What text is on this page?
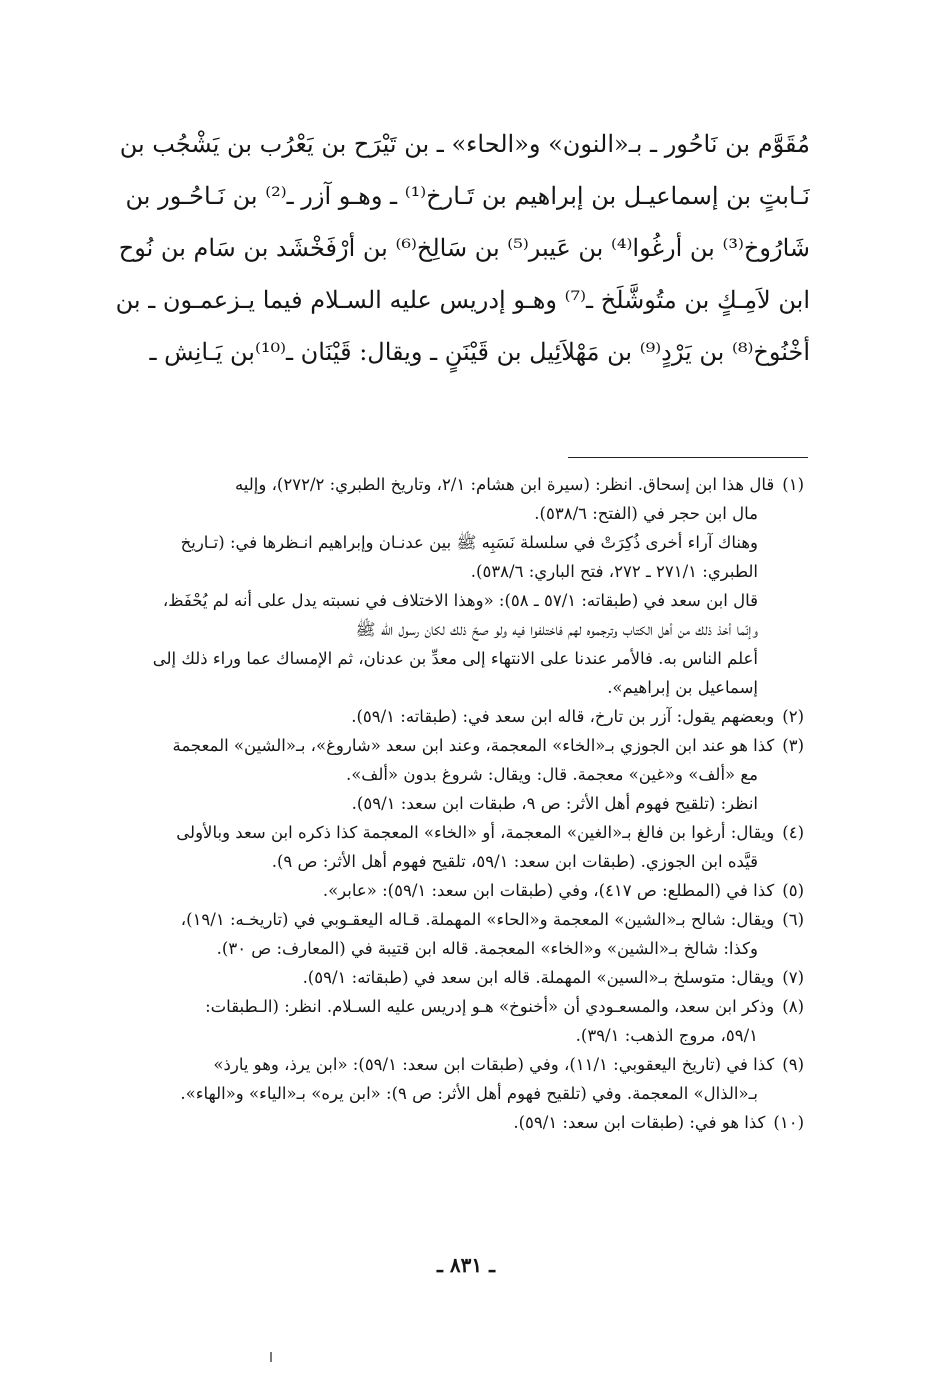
مُقَوَّم بن نَاحُور ـ بـ«النون» و«الحاء» ـ بن تَيْرَح بن يَعْرُب بن يَشْجُب بن
نَـابتٍ بن إسماعيـل بن إبراهيم بن تَـارخ⁽¹⁾ ـ وهـو آزر ـ⁽²⁾ بن نَـاحُـور بن
شَارُوخ⁽³⁾ بن أرغُوا⁽⁴⁾ بن عَيبر⁽⁵⁾ بن سَالِخ⁽⁶⁾ بن أرْفَخْشَد بن سَام بن نُوح
ابن لاَمِـكٍ بن متُوشَّلَخ ـ⁽⁷⁾ وهـو إدريس عليه السـلام فيما يـزعمـون ـ بن
أخْنُوخ⁽⁸⁾ بن يَرْدٍ⁽⁹⁾ بن مَهْلاَئِيل بن قَيْنَنٍ ـ ويقال: قَيْنَان ـ⁽¹⁰⁾بن يَـانِش ـ
(١)قال هذا ابن إسحاق. انظر: (سيرة ابن هشام: ٢/١، وتاريخ الطبري: ٢٧٢/٢)، وإليه
مال ابن حجر في (الفتح: ٥٣٨/٦).
وهناك آراء أخرى ذُكِرَتْ في سلسلة نَسَبِه ﷺ بين عدنـان وإبراهيم انـظرها في: (تـاريخ
الطبري: ٢٧١/١ ـ ٢٧٢، فتح الباري: ٥٣٨/٦).
قال ابن سعد في (طبقاته: ٥٧/١ ـ ٥٨): «وهذا الاختلاف في نسبته يدل على أنه لم يُحْفَظ،
وإنّما أخذ ذلك من أهل الكتاب وترجموه لهم فاختلفوا فيه ولو صحّ ذلك لكان رسول الله ﷺ
أعلم الناس به. فالأمر عندنا على الانتهاء إلى معدِّ بن عدنان، ثم الإمساك عما وراء ذلك إلى
إسماعيل بن إبراهيم».
(٢)وبعضهم يقول: آزر بن تارخ، قاله ابن سعد في: (طبقاته: ٥٩/١).
(٣)كذا هو عند ابن الجوزي بـ«الخاء» المعجمة، وعند ابن سعد «شاروغ»، بـ«الشين» المعجمة
مع «ألف» و«غين» معجمة. قال: ويقال: شروغ بدون «ألف».
انظر: (تلقيح فهوم أهل الأثر: ص ٩، طبقات ابن سعد: ٥٩/١).
(٤)ويقال: أرغوا بن فالغ بـ«الغين» المعجمة، أو «الخاء» المعجمة كذا ذكره ابن سعد وبالأولى
قيَّده ابن الجوزي. (طبقات ابن سعد: ٥٩/١، تلقيح فهوم أهل الأثر: ص ٩).
(٥)كذا في (المطلع: ص ٤١٧)، وفي (طبقات ابن سعد: ٥٩/١): «عابر».
(٦)ويقال: شالح بـ«الشين» المعجمة و«الحاء» المهملة. قـاله اليعقـوبي في (تاريخـه: ١٩/١)،
وكذا: شالخ بـ«الشين» و«الخاء» المعجمة. قاله ابن قتيبة في (المعارف: ص ٣٠).
(٧)ويقال: متوسلخ بـ«السين» المهملة. قاله ابن سعد في (طبقاته: ٥٩/١).
(٨)وذكر ابن سعد، والمسعـودي أن «أخنوخ» هـو إدريس عليه السـلام. انظر: (الـطبقات:
٥٩/١، مروج الذهب: ٣٩/١).
(٩)كذا في (تاريخ اليعقوبي: ١١/١)، وفي (طبقات ابن سعد: ٥٩/١): «ابن يرذ، وهو يارذ»
بـ«الذال» المعجمة. وفي (تلقيح فهوم أهل الأثر: ص ٩): «ابن يره» بـ«الياء» و«الهاء».
(١٠)كذا هو في: (طبقات ابن سعد: ٥٩/١).
ـ ٨٣١ ـ
